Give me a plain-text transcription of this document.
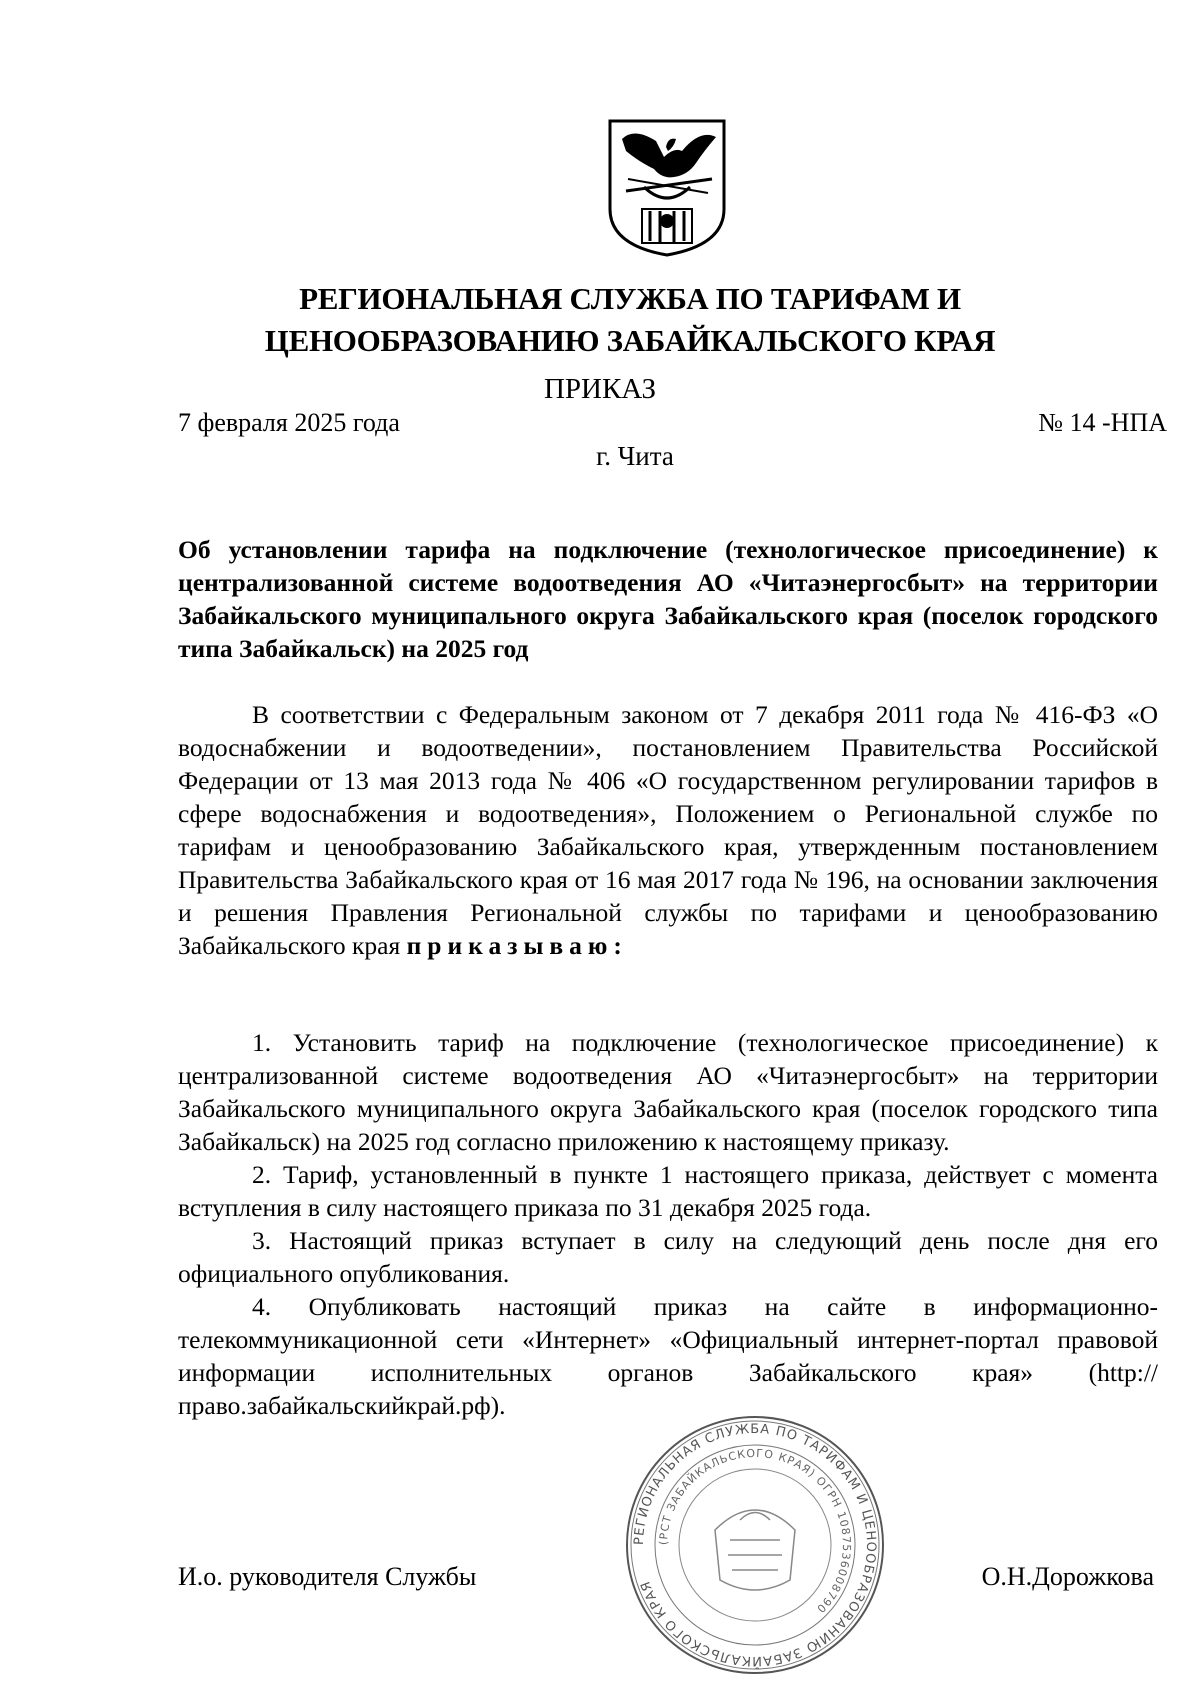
РЕГИОНАЛЬНАЯ СЛУЖБА ПО ТАРИФАМ И
ЦЕНООБРАЗОВАНИЮ ЗАБАЙКАЛЬСКОГО КРАЯ
ПРИКАЗ
7 февраля 2025 года	№ 14 -НПА
г. Чита
Об установлении тарифа на подключение (технологическое присоединение) к централизованной системе водоотведения АО «Читаэнергосбыт» на территории Забайкальского муниципального округа Забайкальского края (поселок городского типа Забайкальск) на 2025 год

В соответствии с Федеральным законом от 7 декабря 2011 года № 416-ФЗ «О водоснабжении и водоотведении», постановлением Правительства Российской Федерации от 13 мая 2013 года № 406 «О государственном регулировании тарифов в сфере водоснабжения и водоотведения», Положением о Региональной службе по тарифам и ценообразованию Забайкальского края, утвержденным постановлением Правительства Забайкальского края от 16 мая 2017 года № 196, на основании заключения и решения Правления Региональной службы по тарифами и ценообразованию Забайкальского края приказываю:

1. Установить тариф на подключение (технологическое присоединение) к централизованной системе водоотведения АО «Читаэнергосбыт» на территории Забайкальского муниципального округа Забайкальского края (поселок городского типа Забайкальск) на 2025 год согласно приложению к настоящему приказу.

2. Тариф, установленный в пункте 1 настоящего приказа, действует с момента вступления в силу настоящего приказа по 31 декабря 2025 года.

3. Настоящий приказ вступает в силу на следующий день после дня его официального опубликования.

4. Опубликовать настоящий приказ на сайте в информационно-телекоммуникационной сети «Интернет» «Официальный интернет-портал правовой информации исполнительных органов Забайкальского края» (http://право.забайкальскийкрай.рф).

РЕГИОНАЛЬНАЯ СЛУЖБА ПО ТАРИФАМ И ЦЕНООБРАЗОВАНИЮ ЗАБАЙКАЛЬСКОГО КРАЯ
(РСТ ЗАБАЙКАЛЬСКОГО КРАЯ) ОГРН 1087536008790
И.о. руководителя Службы	О.Н.Дорожкова
